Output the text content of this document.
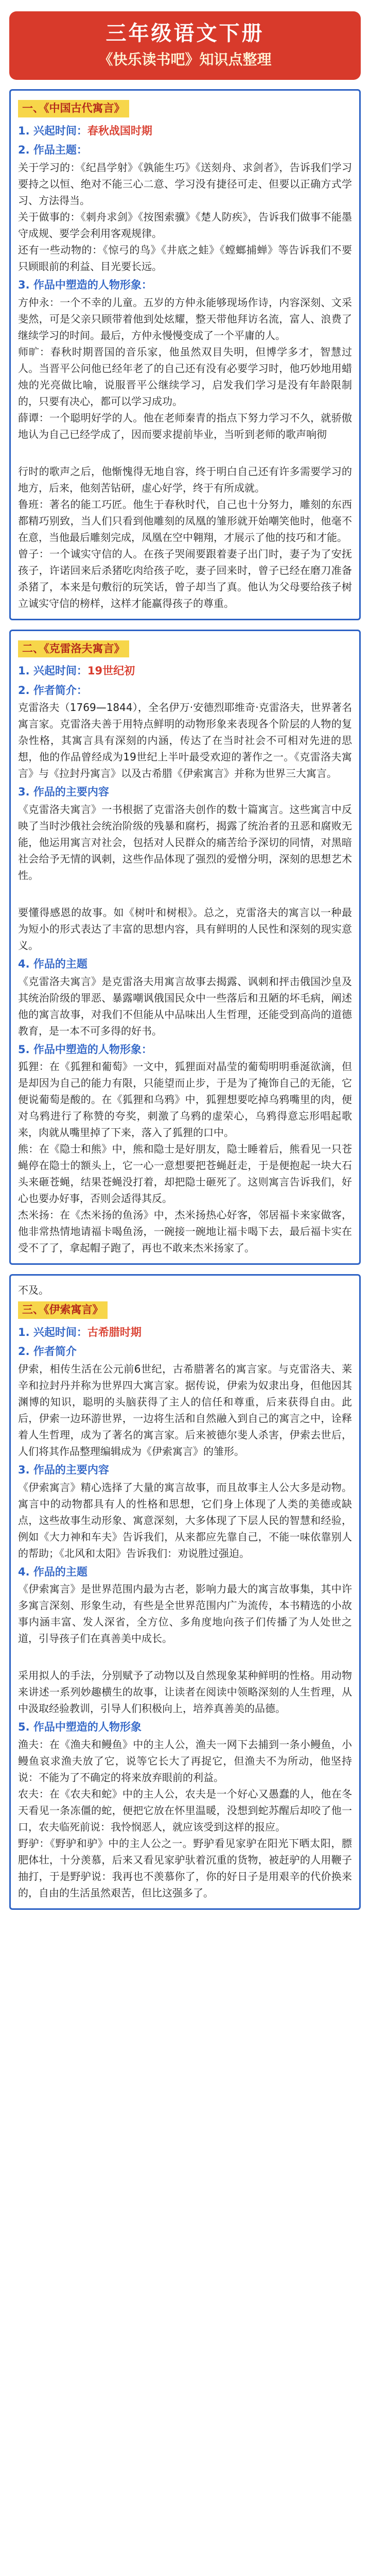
三年级语文下册
《快乐读书吧》知识点整理
一、《中国古代寓言》
1. 兴起时间：春秋战国时期
2. 作品主题：

关于学习的：《纪昌学射》《孰能生巧》《送刻舟、求剑者》，告诉我们学习要持之以恒、绝对不能三心二意、学习没有捷径可走、但要以正确方式学习、方法得当。

关于做事的：《刺舟求剑》《按图索骥》《楚人防疾》，告诉我们做事不能墨守成规、要学会利用客观规律。

还有一些动物的：《惊弓的鸟》《井底之蛙》《螳螂捕蝉》等告诉我们不要只顾眼前的利益、目光要长远。

3. 作品中塑造的人物形象：

方仲永：一个不幸的儿童。五岁的方仲永能够现场作诗，内容深刻、文采斐然，可是父亲只顾带着他到处炫耀，整天带他拜访名流，富人、浪费了继续学习的时间。最后，方仲永慢慢变成了一个平庸的人。

师旷：春秋时期晋国的音乐家，他虽然双目失明，但博学多才，智慧过人。当晋平公问他已经年老了的自己还有没有必要学习时，他巧妙地用蜡烛的光亮做比喻，说服晋平公继续学习，启发我们学习是没有年龄限制的，只要有决心，都可以学习成功。

薛谭：一个聪明好学的人。他在老师秦青的指点下努力学习不久，就骄傲地认为自己已经学成了，因而要求提前毕业，当听到老师的歌声响彻

行时的歌声之后，他惭愧得无地自容，终于明白自己还有许多需要学习的地方，后来，他刻苦钻研，虚心好学，终于有所成就。

鲁班：著名的能工巧匠。他生于春秋时代，自己也十分努力，雕刻的东西都精巧别致，当人们只看到他雕刻的凤凰的雏形就开始嘲笑他时，他毫不在意，当他最后雕刻完成，凤凰在空中翱翔，才展示了他的技巧和才能。

曾子：一个诚实守信的人。在孩子哭闹要跟着妻子出门时，妻子为了安抚孩子，许诺回来后杀猪吃肉给孩子吃，妻子回来时，曾子已经在磨刀准备杀猪了，本来是句敷衍的玩笑话，曾子却当了真。他认为父母要给孩子树立诚实守信的榜样，这样才能赢得孩子的尊重。

二、《克雷洛夫寓言》
1. 兴起时间：19世纪初
2. 作者简介：

克雷洛夫（1769—1844），全名伊万·安德烈耶维奇·克雷洛夫，世界著名寓言家。克雷洛夫善于用特点鲜明的动物形象来表现各个阶层的人物的复杂性格，其寓言具有深刻的内涵，传达了在当时社会不可相对先进的思想，他的作品曾经成为19世纪上半叶最受欢迎的著作之一。《克雷洛夫寓言》与《拉封丹寓言》以及古希腊《伊索寓言》并称为世界三大寓言。

3. 作品的主要内容

《克雷洛夫寓言》一书根据了克雷洛夫创作的数十篇寓言。这些寓言中反映了当时沙俄社会统治阶级的残暴和腐朽，揭露了统治者的丑恶和腐败无能，他运用寓言对社会，包括对人民群众的痛苦给予深切的同情，对黑暗社会给予无情的讽刺，这些作品体现了强烈的爱憎分明，深刻的思想艺术性。

要懂得感恩的故事。如《树叶和树根》。总之，克雷洛夫的寓言以一种最为短小的形式表达了丰富的思想内容，具有鲜明的人民性和深刻的现实意义。

4. 作品的主题

《克雷洛夫寓言》是克雷洛夫用寓言故事去揭露、讽刺和抨击俄国沙皇及其统治阶级的罪恶、暴露嘲讽俄国民众中一些落后和丑陋的坏毛病，阐述他的寓言故事，对我们不但能从中品味出人生哲理，还能受到高尚的道德教育，是一本不可多得的好书。

5. 作品中塑造的人物形象：

狐狸：在《狐狸和葡萄》一文中，狐狸面对晶莹的葡萄明明垂涎欲滴，但是却因为自己的能力有限，只能望而止步，于是为了掩饰自己的无能，它便说葡萄是酸的。在《狐狸和乌鸦》中，狐狸想要吃掉乌鸦嘴里的肉，便对乌鸦进行了称赞的夸奖，刺激了乌鸦的虚荣心，乌鸦得意忘形唱起歌来，肉就从嘴里掉了下来，落入了狐狸的口中。

熊：在《隐士和熊》中，熊和隐士是好朋友，隐士睡着后，熊看见一只苍蝇停在隐士的额头上，它一心一意想要把苍蝇赶走，于是便抱起一块大石头来砸苍蝇，结果苍蝇没打着，却把隐士砸死了。这则寓言告诉我们，好心也要办好事，否则会适得其反。

杰米扬：在《杰米扬的鱼汤》中，杰米扬热心好客，邻居福卡来家做客，他非常热情地请福卡喝鱼汤，一碗接一碗地让福卡喝下去，最后福卡实在受不了了，拿起帽子跑了，再也不敢来杰米扬家了。

不及。

三、《伊索寓言》
1. 兴起时间：古希腊时期
2. 作者简介

伊索，相传生活在公元前6世纪，古希腊著名的寓言家。与克雷洛夫、莱辛和拉封丹并称为世界四大寓言家。据传说，伊索为奴隶出身，但他因其渊博的知识，聪明的头脑获得了主人的信任和尊重，后来获得自由。此后，伊索一边环游世界，一边将生活和自然融入到自己的寓言之中，诠释着人生哲理，成为了著名的寓言家。后来被德尔斐人杀害，伊索去世后，人们将其作品整理编辑成为《伊索寓言》的雏形。

3. 作品的主要内容

《伊索寓言》精心选择了大量的寓言故事，而且故事主人公大多是动物。寓言中的动物都具有人的性格和思想，它们身上体现了人类的美德或缺点，这些故事生动形象、寓意深刻，大多体现了下层人民的智慧和经验，例如《大力神和车夫》告诉我们，从来都应先靠自己，不能一味依靠别人的帮助；《北风和太阳》告诉我们：劝说胜过强迫。

4. 作品的主题

《伊索寓言》是世界范围内最为古老，影响力最大的寓言故事集，其中许多寓言深刻、形象生动，有些是全世界范围内广为流传，本书精选的小故事内涵丰富、发人深省，全方位、多角度地向孩子们传播了为人处世之道，引导孩子们在真善美中成长。

采用拟人的手法，分别赋予了动物以及自然现象某种鲜明的性格。用动物来讲述一系列妙趣横生的故事，让读者在阅读中领略深刻的人生哲理，从中汲取经验教训，引导人们积极向上，培养真善美的品德。

5. 作品中塑造的人物形象

渔夫：在《渔夫和鳗鱼》中的主人公，渔夫一网下去捕到一条小鳗鱼，小鳗鱼哀求渔夫放了它，说等它长大了再捉它，但渔夫不为所动，他坚持说：不能为了不确定的将来放弃眼前的利益。

农夫：在《农夫和蛇》中的主人公，农夫是一个好心又愚蠢的人，他在冬天看见一条冻僵的蛇，便把它放在怀里温暖，没想到蛇苏醒后却咬了他一口，农夫临死前说：我怜悯恶人，就应该受到这样的报应。

野驴：《野驴和驴》中的主人公之一。野驴看见家驴在阳光下晒太阳，膘肥体壮，十分羡慕，后来又看见家驴驮着沉重的货物，被赶驴的人用鞭子抽打，于是野驴说：我再也不羡慕你了，你的好日子是用艰辛的代价换来的，自由的生活虽然艰苦，但比这强多了。
